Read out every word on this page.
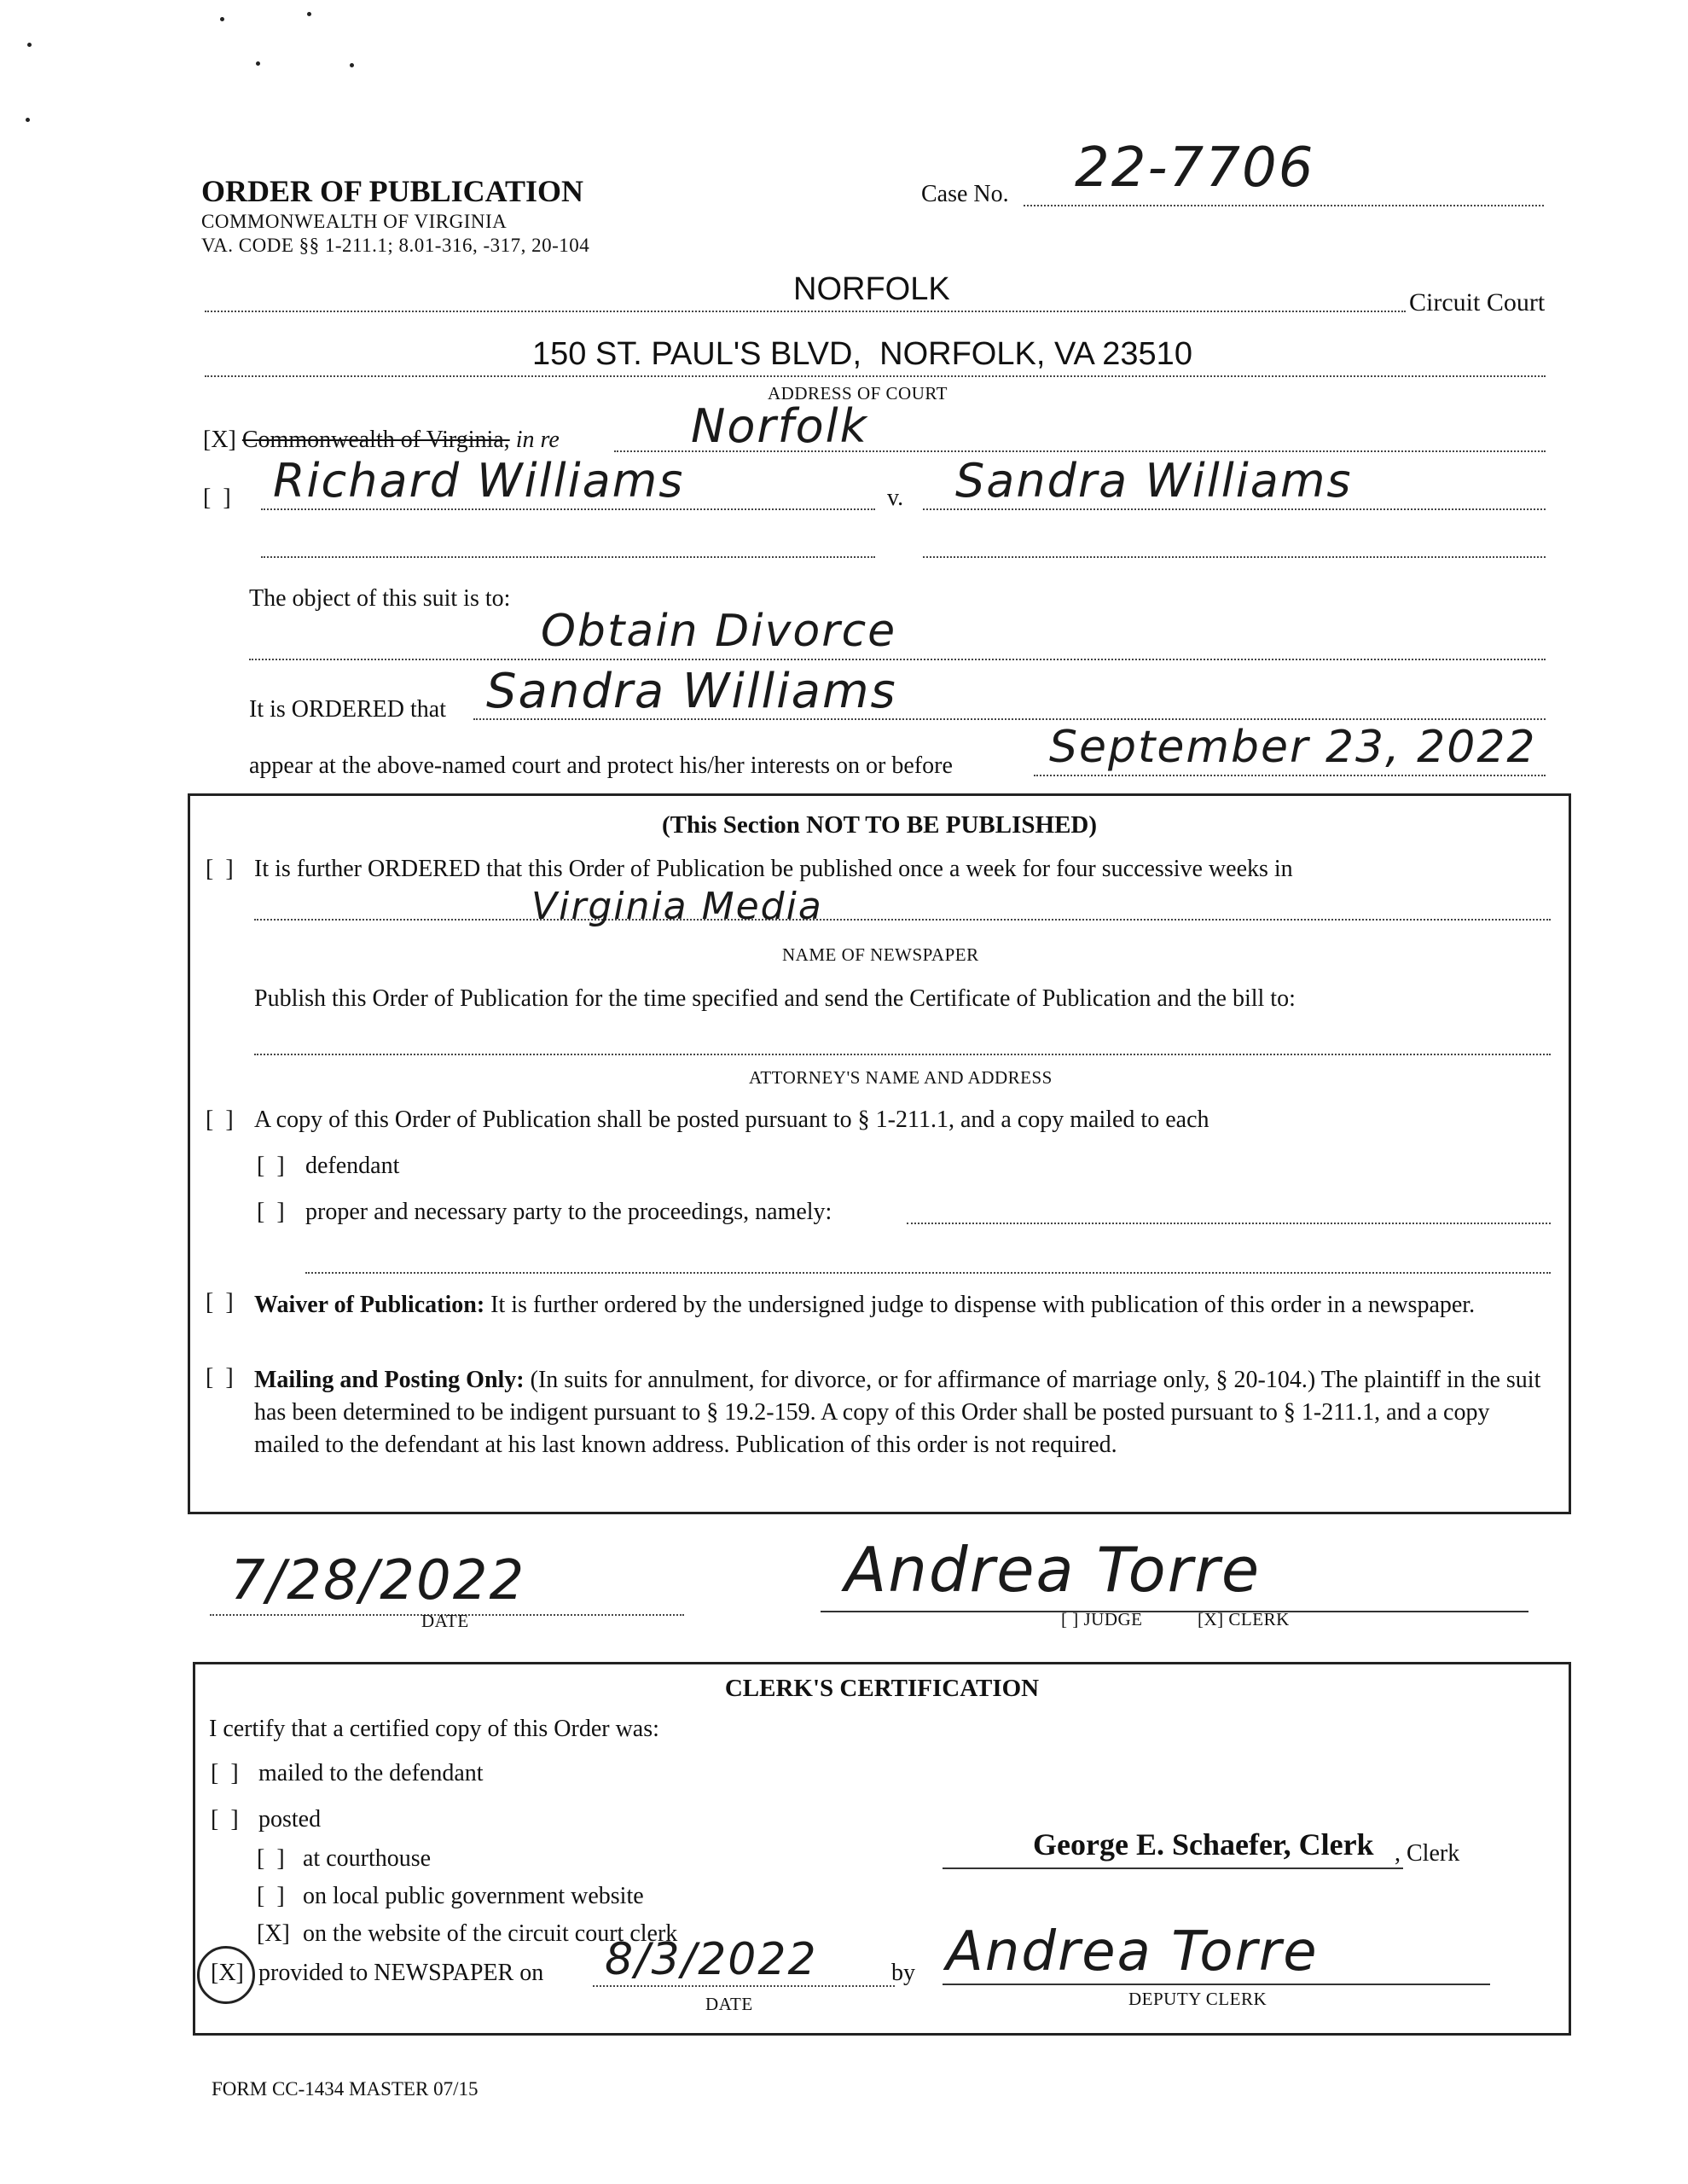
ORDER OF PUBLICATION
COMMONWEALTH OF VIRGINIA
VA. CODE §§ 1-211.1; 8.01-316, -317, 20-104
Case No. 22-7706
NORFOLK	Circuit Court
150 ST. PAUL'S BLVD,  NORFOLK, VA 23510
ADDRESS OF COURT
[X] Commonwealth of Virginia, in re	Norfolk
[  ] Richard Williams	v. Sandra Williams
The object of this suit is to:
Obtain Divorce
It is ORDERED that Sandra Williams
appear at the above-named court and protect his/her interests on or before September 23, 2022
(This Section NOT TO BE PUBLISHED)
[  ] It is further ORDERED that this Order of Publication be published once a week for four successive weeks in
Virginia Media
NAME OF NEWSPAPER
Publish this Order of Publication for the time specified and send the Certificate of Publication and the bill to:
ATTORNEY'S NAME AND ADDRESS
[  ] A copy of this Order of Publication shall be posted pursuant to § 1-211.1, and a copy mailed to each
[  ] defendant
[  ] proper and necessary party to the proceedings, namely:
[  ] Waiver of Publication: It is further ordered by the undersigned judge to dispense with publication of this order in a newspaper.
[  ] Mailing and Posting Only: (In suits for annulment, for divorce, or for affirmance of marriage only, § 20-104.) The plaintiff in the suit has been determined to be indigent pursuant to § 19.2-159. A copy of this Order shall be posted pursuant to § 1-211.1, and a copy mailed to the defendant at his last known address. Publication of this order is not required.
7/28/2022
DATE
Andrea Torre
[ ] JUDGE	[X] CLERK
CLERK'S CERTIFICATION
I certify that a certified copy of this Order was:
[  ] mailed to the defendant
[  ] posted
[  ] at courthouse
[  ] on local public government website
[X] on the website of the circuit court clerk
[X] provided to NEWSPAPER on 8/3/2022
DATE
by Andrea Torre
DEPUTY CLERK
George E. Schaefer, Clerk , Clerk
FORM CC-1434 MASTER 07/15
